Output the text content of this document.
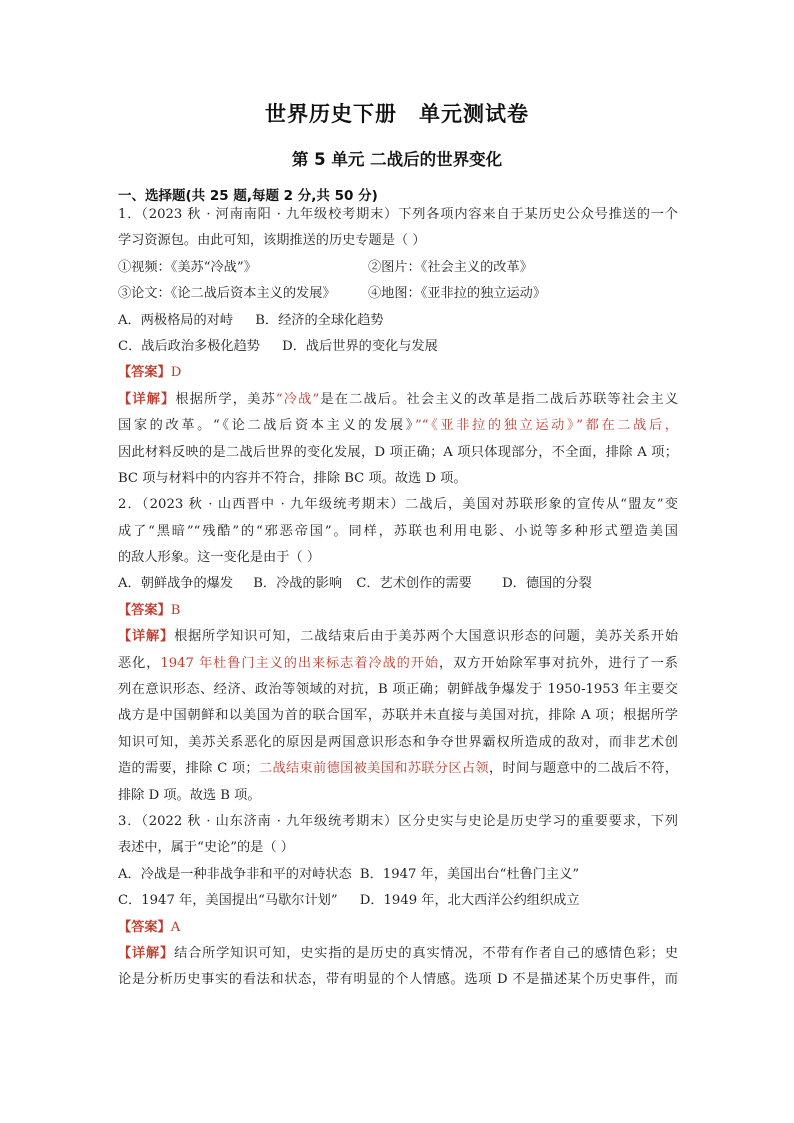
世界历史下册　单元测试卷
第 5 单元 二战后的世界变化
一、选择题(共 25 题,每题 2 分,共 50 分)
1．（2023 秋 · 河南南阳 · 九年级校考期末）下列各项内容来自于某历史公众号推送的一个
学习资源包。由此可知，该期推送的历史专题是（ ）
①视频：《美苏“冷战”》	②图片：《社会主义的改革》
③论文：《论二战后资本主义的发展》	④地图：《亚非拉的独立运动》
A．两极格局的对峙 B．经济的全球化趋势
C．战后政治多极化趋势 D．战后世界的变化与发展
【答案】D
【详解】根据所学，美苏“冷战”是在二战后。社会主义的改革是指二战后苏联等社会主义
国家的改革。“《论二战后资本主义的发展》”“《亚非拉的独立运动》”都在二战后，
因此材料反映的是二战后世界的变化发展，D 项正确；A 项只体现部分，不全面，排除 A 项；
BC 项与材料中的内容并不符合，排除 BC 项。故选 D 项。
2．（2023 秋 · 山西晋中 · 九年级统考期末）二战后，美国对苏联形象的宣传从“盟友”变
成了“黑暗”“残酷”的“邪恶帝国”。同样，苏联也利用电影、小说等多种形式塑造美国
的敌人形象。这一变化是由于（ ）
A．朝鲜战争的爆发 B．冷战的影响 C．艺术创作的需要 D．德国的分裂
【答案】B
【详解】根据所学知识可知，二战结束后由于美苏两个大国意识形态的问题，美苏关系开始
恶化，1947 年杜鲁门主义的出来标志着冷战的开始，双方开始除军事对抗外，进行了一系
列在意识形态、经济、政治等领域的对抗，B 项正确；朝鲜战争爆发于 1950-1953 年主要交
战方是中国朝鲜和以美国为首的联合国军，苏联并未直接与美国对抗，排除 A 项；根据所学
知识可知，美苏关系恶化的原因是两国意识形态和争夺世界霸权所造成的敌对，而非艺术创
造的需要，排除 C 项；二战结束前德国被美国和苏联分区占领，时间与题意中的二战后不符，
排除 D 项。故选 B 项。
3．（2022 秋 · 山东济南 · 九年级统考期末）区分史实与史论是历史学习的重要要求，下列
表述中，属于“史论”的是（ ）
A．冷战是一种非战争非和平的对峙状态 B．1947 年，美国出台“杜鲁门主义”
C．1947 年，美国提出“马歇尔计划” D．1949 年，北大西洋公约组织成立
【答案】A
【详解】结合所学知识可知，史实指的是历史的真实情况，不带有作者自己的感情色彩；史
论是分析历史事实的看法和状态，带有明显的个人情感。选项 D 不是描述某个历史事件，而
